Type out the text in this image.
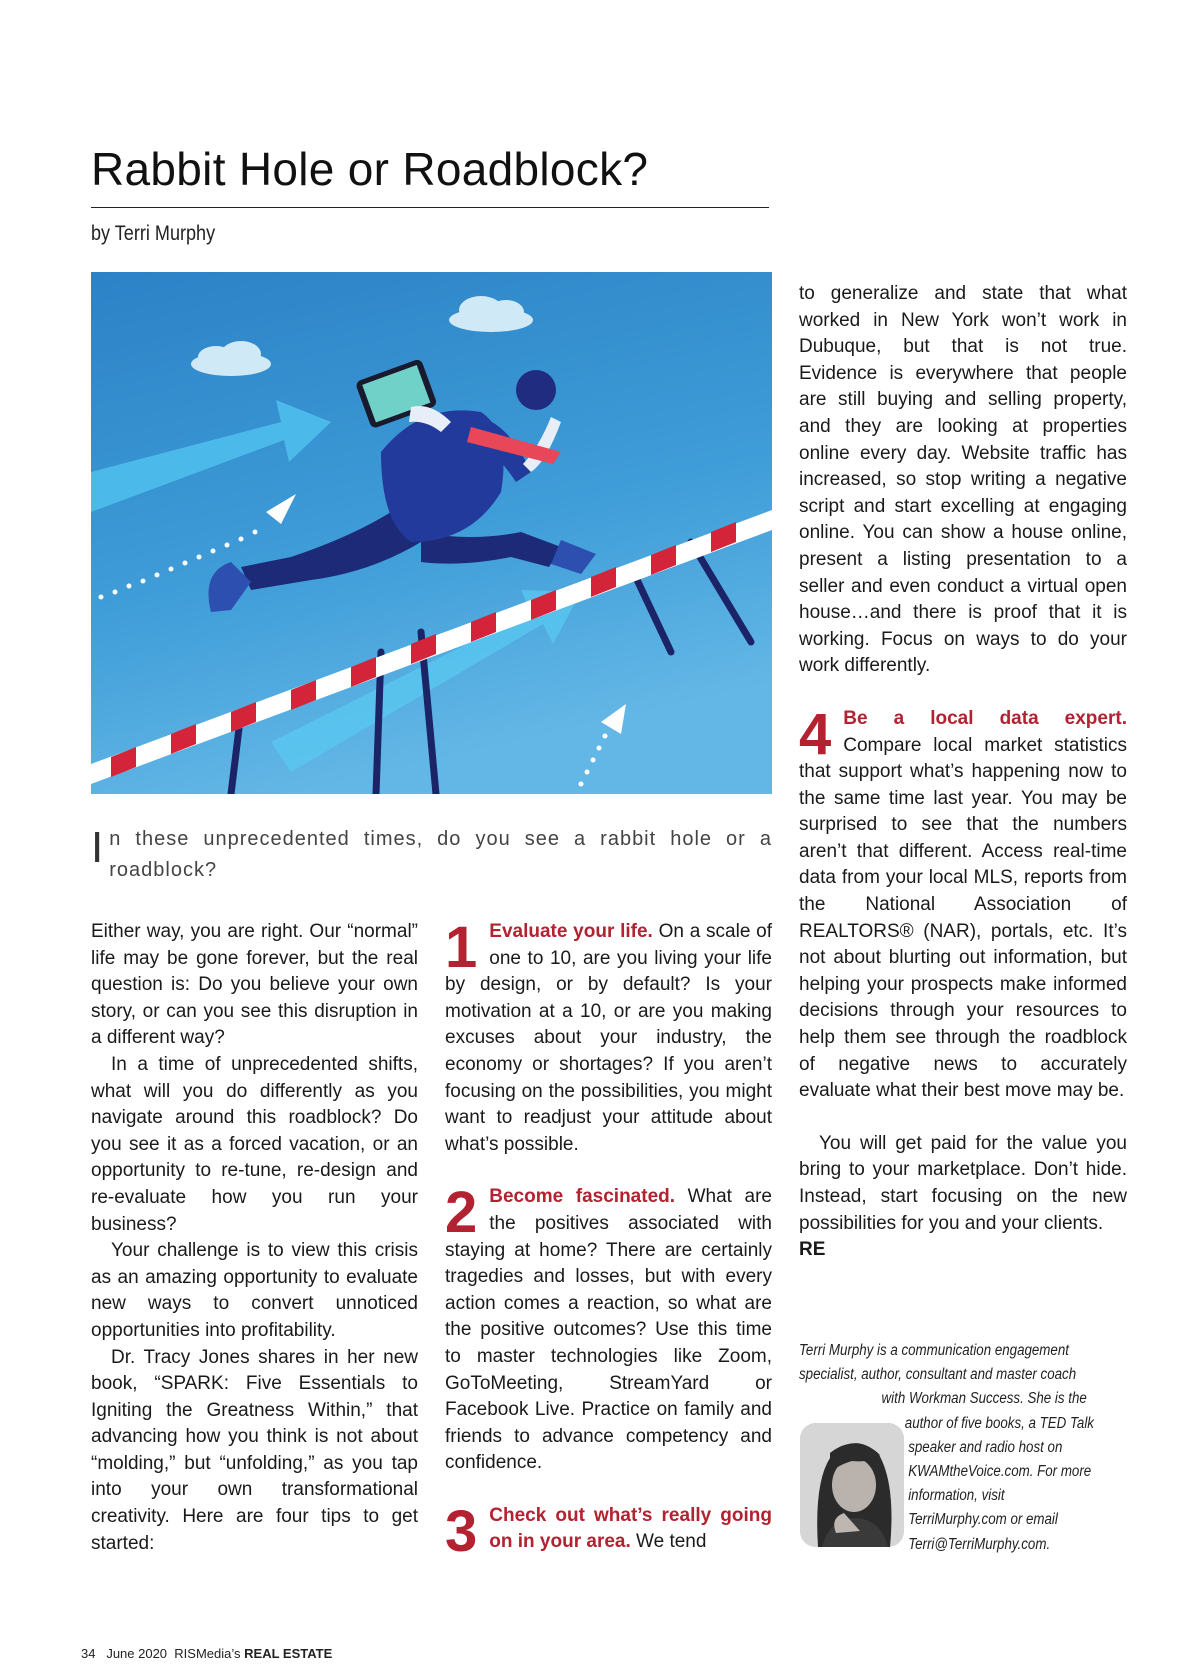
Rabbit Hole or Roadblock?
by Terri Murphy
In these unprecedented times, do you see a rabbit hole or a roadblock?

Either way, you are right. Our “normal” life may be gone forever, but the real question is: Do you believe your own story, or can you see this disruption in a different way?

In a time of unprecedented shifts, what will you do differently as you navigate around this roadblock? Do you see it as a forced vacation, or an opportunity to re-tune, re-design and re-evaluate how you run your business?

Your challenge is to view this crisis as an amazing opportunity to evaluate new ways to convert unnoticed opportunities into profitability.

Dr. Tracy Jones shares in her new book, “SPARK: Five Essentials to Igniting the Greatness Within,” that advancing how you think is not about “molding,” but “unfolding,” as you tap into your own transformational creativity. Here are four tips to get started:

1 Evaluate your life. On a scale of one to 10, are you living your life by design, or by default? Is your motivation at a 10, or are you making excuses about your industry, the economy or shortages? If you aren’t focusing on the possibilities, you might want to readjust your attitude about what’s possible.

2 Become fascinated. What are the positives associated with staying at home? There are certainly tragedies and losses, but with every action comes a reaction, so what are the positive outcomes? Use this time to master technologies like Zoom, GoToMeeting, StreamYard or Facebook Live. Practice on family and friends to advance competency and confidence.

3 Check out what’s really going on in your area. We tend

to generalize and state that what worked in New York won’t work in Dubuque, but that is not true. Evidence is everywhere that people are still buying and selling property, and they are looking at properties online every day. Website traffic has increased, so stop writing a negative script and start excelling at engaging online. You can show a house online, present a listing presentation to a seller and even conduct a virtual open house…and there is proof that it is working. Focus on ways to do your work differently.

4 Be a local data expert. Compare local market statistics that support what’s happening now to the same time last year. You may be surprised to see that the numbers aren’t that different. Access real-time data from your local MLS, reports from the National Association of REALTORS® (NAR), portals, etc. It’s not about blurting out information, but helping your prospects make informed decisions through your resources to help them see through the roadblock of negative news to accurately evaluate what their best move may be.

You will get paid for the value you bring to your marketplace. Don’t hide. Instead, start focusing on the new possibilities for you and your clients.
RE

Terri Murphy is a communication engagement
specialist, author, consultant and master coach
with Workman Success. She is the
author of five books, a TED Talk
speaker and radio host on
KWAMtheVoice.com. For more
information, visit
TerriMurphy.com or email
Terri@TerriMurphy.com.
34 June 2020 RISMedia’s REAL ESTATE
